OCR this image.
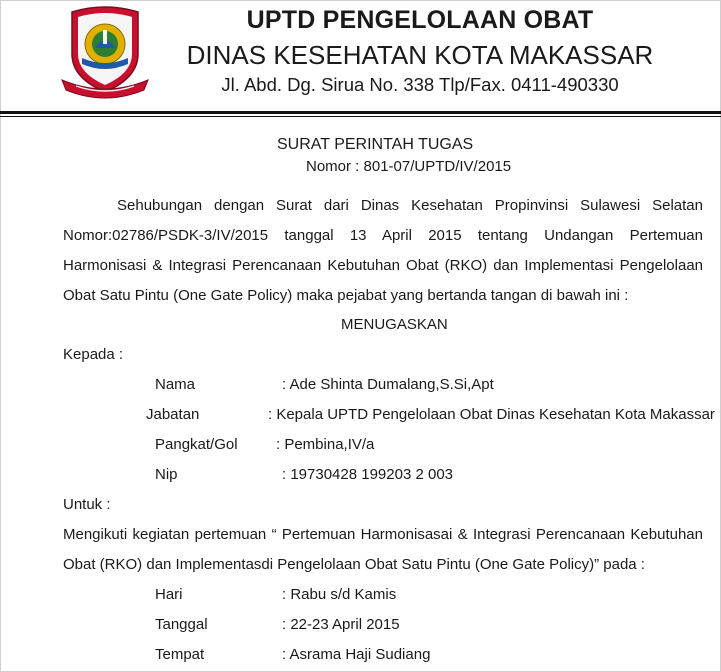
UPTD PENGELOLAAN OBAT
DINAS KESEHATAN KOTA MAKASSAR
Jl. Abd. Dg. Sirua No. 338 Tlp/Fax. 0411-490330
SURAT PERINTAH TUGAS
Nomor : 801-07/UPTD/IV/2015
Sehubungan dengan Surat dari Dinas Kesehatan Propinvinsi Sulawesi Selatan
Nomor:02786/PSDK-3/IV/2015 tanggal 13 April 2015 tentang Undangan Pertemuan
Harmonisasi & Integrasi Perencanaan Kebutuhan Obat (RKO) dan Implementasi Pengelolaan
Obat Satu Pintu (One Gate Policy) maka pejabat yang bertanda tangan di bawah ini :
MENUGASKAN
Kepada :
Nama	: Ade Shinta Dumalang,S.Si,Apt
Jabatan	: Kepala UPTD Pengelolaan Obat Dinas Kesehatan Kota Makassar
Pangkat/Gol	: Pembina,IV/a
Nip	: 19730428 199203 2 003
Untuk :
Mengikuti kegiatan pertemuan “ Pertemuan Harmonisasai & Integrasi Perencanaan Kebutuhan
Obat (RKO) dan Implementasdi Pengelolaan Obat Satu Pintu (One Gate Policy)” pada :
Hari	: Rabu s/d Kamis
Tanggal	: 22-23 April 2015
Tempat	: Asrama Haji Sudiang
